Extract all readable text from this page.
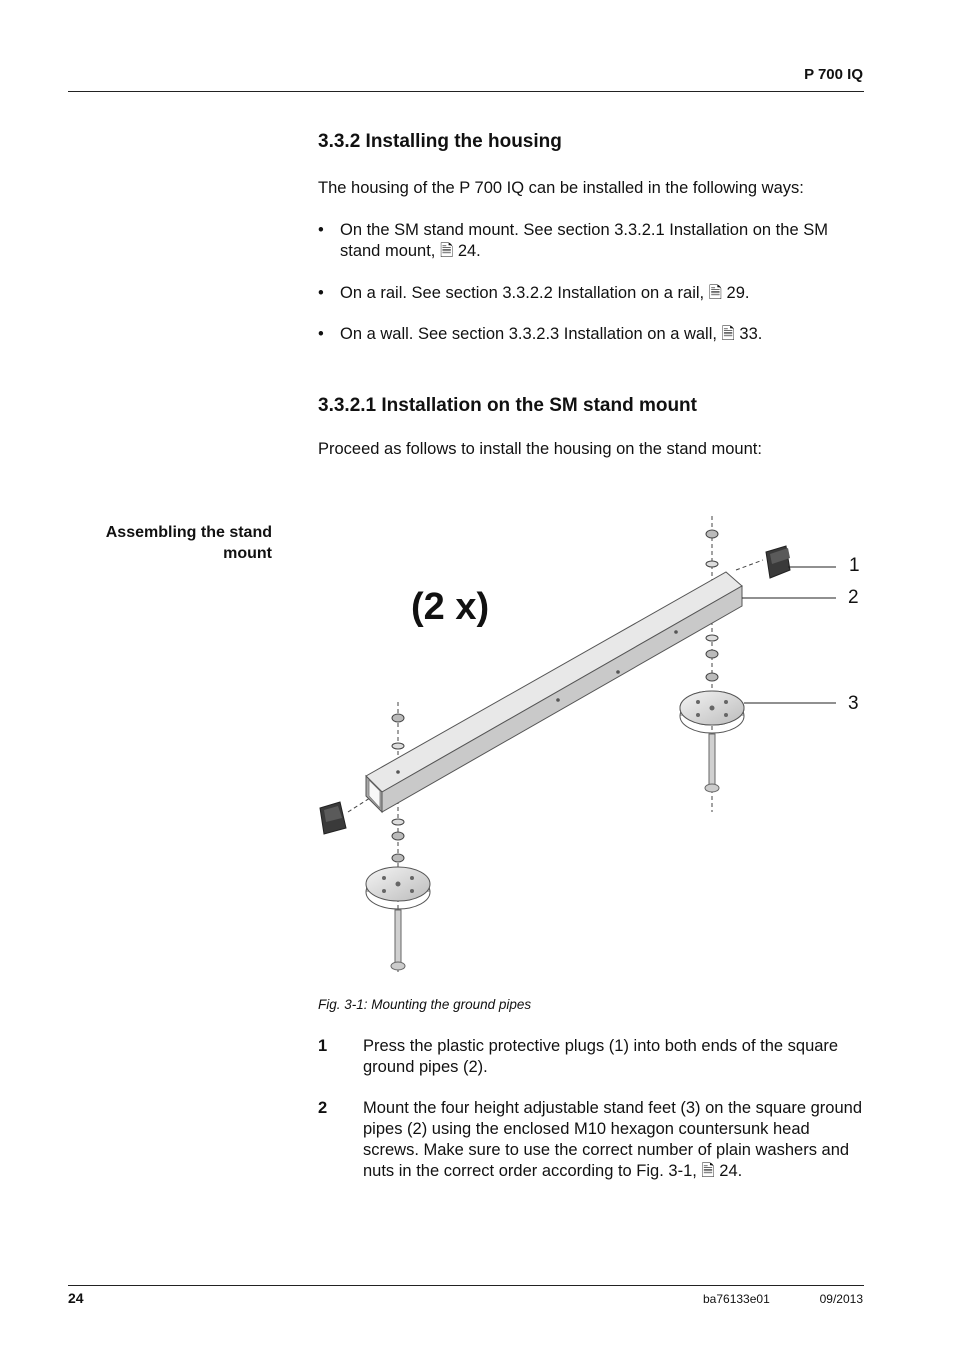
P 700 IQ
3.3.2 Installing the housing
The housing of the P 700 IQ can be installed in the following ways:
• On the SM stand mount. See section 3.3.2.1 Installation on the SM stand mount, 🗎 24.
• On a rail. See section 3.3.2.2 Installation on a rail, 🗎 29.
• On a wall. See section 3.3.2.3 Installation on a wall, 🗎 33.
3.3.2.1 Installation on the SM stand mount
Proceed as follows to install the housing on the stand mount:
Assembling the stand mount
(2 x)
1
2
3
Fig. 3-1: Mounting the ground pipes
1 Press the plastic protective plugs (1) into both ends of the square ground pipes (2).
2 Mount the four height adjustable stand feet (3) on the square ground pipes (2) using the enclosed M10 hexagon countersunk head screws. Make sure to use the correct number of plain washers and nuts in the correct order according to Fig. 3-1, 🗎 24.
24	ba76133e01	09/2013
